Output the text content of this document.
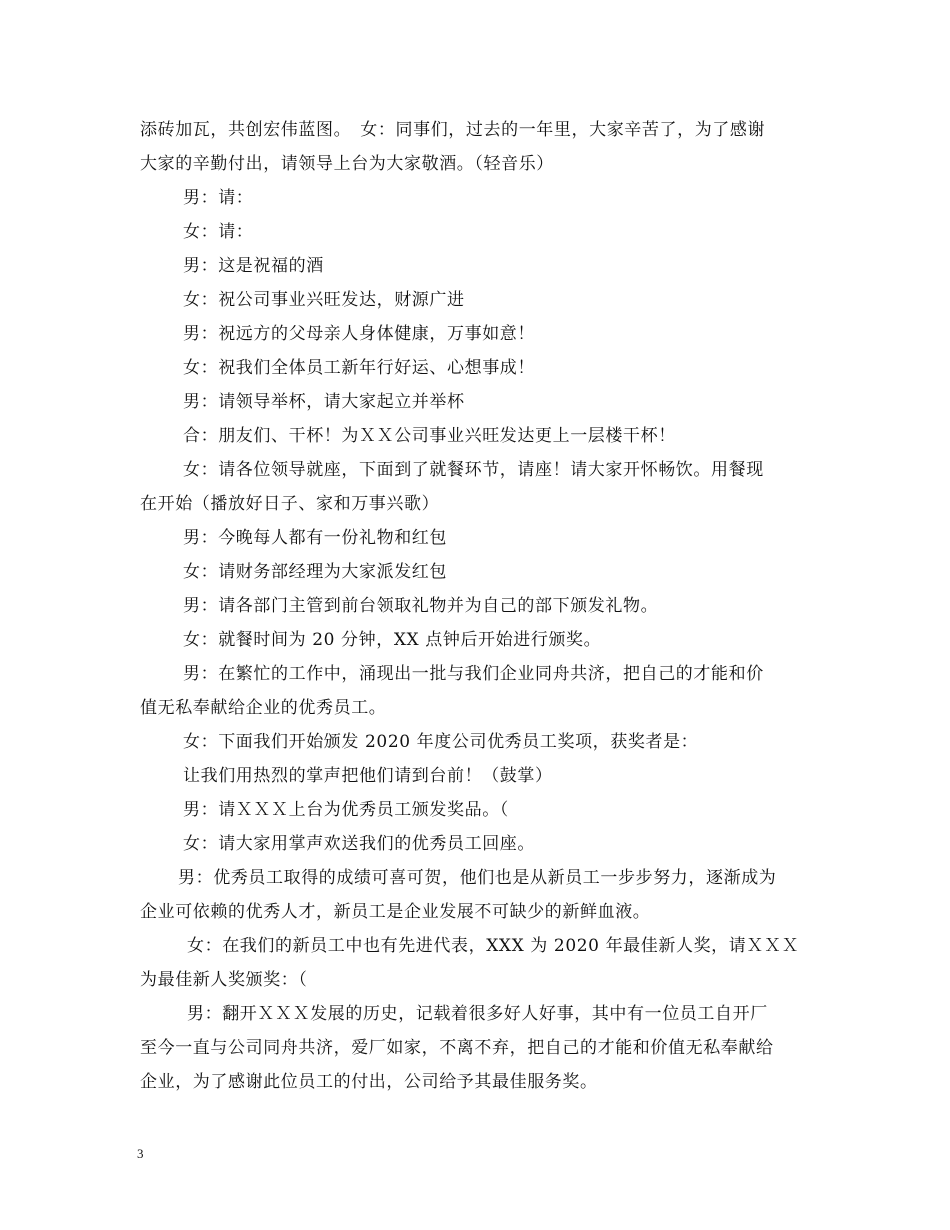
添砖加瓦，共创宏伟蓝图。　女：同事们，过去的一年里，大家辛苦了，为了感谢
大家的辛勤付出，请领导上台为大家敬酒。（轻音乐）
男：请：
女：请：
男：这是祝福的酒
女：祝公司事业兴旺发达，财源广进
男：祝远方的父母亲人身体健康，万事如意！
女：祝我们全体员工新年行好运、心想事成！
男：请领导举杯，请大家起立并举杯
合：朋友们、干杯！为ＸＸ公司事业兴旺发达更上一层楼干杯！
女：请各位领导就座，下面到了就餐环节，请座！请大家开怀畅饮。用餐现
在开始（播放好日子、家和万事兴歌）
男：今晚每人都有一份礼物和红包
女：请财务部经理为大家派发红包
男：请各部门主管到前台领取礼物并为自己的部下颁发礼物。
女：就餐时间为 20 分钟，XX 点钟后开始进行颁奖。
男：在繁忙的工作中，涌现出一批与我们企业同舟共济，把自己的才能和价
值无私奉献给企业的优秀员工。
女：下面我们开始颁发 2020 年度公司优秀员工奖项，获奖者是：
让我们用热烈的掌声把他们请到台前！（鼓掌）
男：请ＸＸＸ上台为优秀员工颁发奖品。（
女：请大家用掌声欢送我们的优秀员工回座。
男：优秀员工取得的成绩可喜可贺，他们也是从新员工一步步努力，逐渐成为
企业可依赖的优秀人才，新员工是企业发展不可缺少的新鲜血液。
女：在我们的新员工中也有先进代表，XXX 为 2020 年最佳新人奖，请ＸＸＸ
为最佳新人奖颁奖：（
男：翻开ＸＸＸ发展的历史，记载着很多好人好事，其中有一位员工自开厂
至今一直与公司同舟共济，爱厂如家，不离不弃，把自己的才能和价值无私奉献给
企业，为了感谢此位员工的付出，公司给予其最佳服务奖。
3
